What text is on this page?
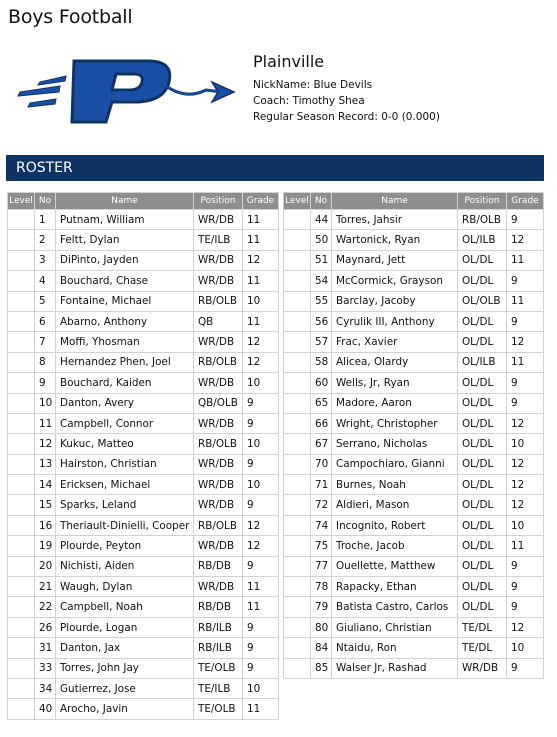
Boys Football
Plainville
NickName: Blue Devils
Coach: Timothy Shea
Regular Season Record: 0-0 (0.000)
ROSTER
Level	No	Name	Position	Grade
	1	Putnam, William	WR/DB	11
	2	Feltt, Dylan	TE/ILB	11
	3	DiPinto, Jayden	WR/DB	12
	4	Bouchard, Chase	WR/DB	11
	5	Fontaine, Michael	RB/OLB	10
	6	Abarno, Anthony	QB	11
	7	Moffi, Yhosman	WR/DB	12
	8	Hernandez Phen, Joel	RB/OLB	12
	9	Bouchard, Kaiden	WR/DB	10
	10	Danton, Avery	QB/OLB	9
	11	Campbell, Connor	WR/DB	9
	12	Kukuc, Matteo	RB/OLB	10
	13	Hairston, Christian	WR/DB	9
	14	Ericksen, Michael	WR/DB	10
	15	Sparks, Leland	WR/DB	9
	16	Theriault-Dinielli, Cooper	RB/OLB	12
	19	Plourde, Peyton	WR/DB	12
	20	Nichisti, Aiden	RB/DB	9
	21	Waugh, Dylan	WR/DB	11
	22	Campbell, Noah	RB/DB	11
	26	Plourde, Logan	RB/ILB	9
	31	Danton, Jax	RB/ILB	9
	33	Torres, John Jay	TE/OLB	9
	34	Gutierrez, Jose	TE/ILB	10
	40	Arocho, Javin	TE/OLB	11
Level	No	Name	Position	Grade
	44	Torres, Jahsir	RB/OLB	9
	50	Wartonick, Ryan	OL/ILB	12
	51	Maynard, Jett	OL/DL	11
	54	McCormick, Grayson	OL/DL	9
	55	Barclay, Jacoby	OL/OLB	11
	56	Cyrulik III, Anthony	OL/DL	9
	57	Frac, Xavier	OL/DL	12
	58	Alicea, Olardy	OL/ILB	11
	60	Wells, Jr, Ryan	OL/DL	9
	65	Madore, Aaron	OL/DL	9
	66	Wright, Christopher	OL/DL	12
	67	Serrano, Nicholas	OL/DL	10
	70	Campochiaro, Gianni	OL/DL	12
	71	Burnes, Noah	OL/DL	12
	72	Aldieri, Mason	OL/DL	12
	74	Incognito, Robert	OL/DL	10
	75	Troche, Jacob	OL/DL	11
	77	Ouellette, Matthew	OL/DL	9
	78	Rapacky, Ethan	OL/DL	9
	79	Batista Castro, Carlos	OL/DL	9
	80	Giuliano, Christian	TE/DL	12
	84	Ntaidu, Ron	TE/DL	10
	85	Walser Jr, Rashad	WR/DB	9
